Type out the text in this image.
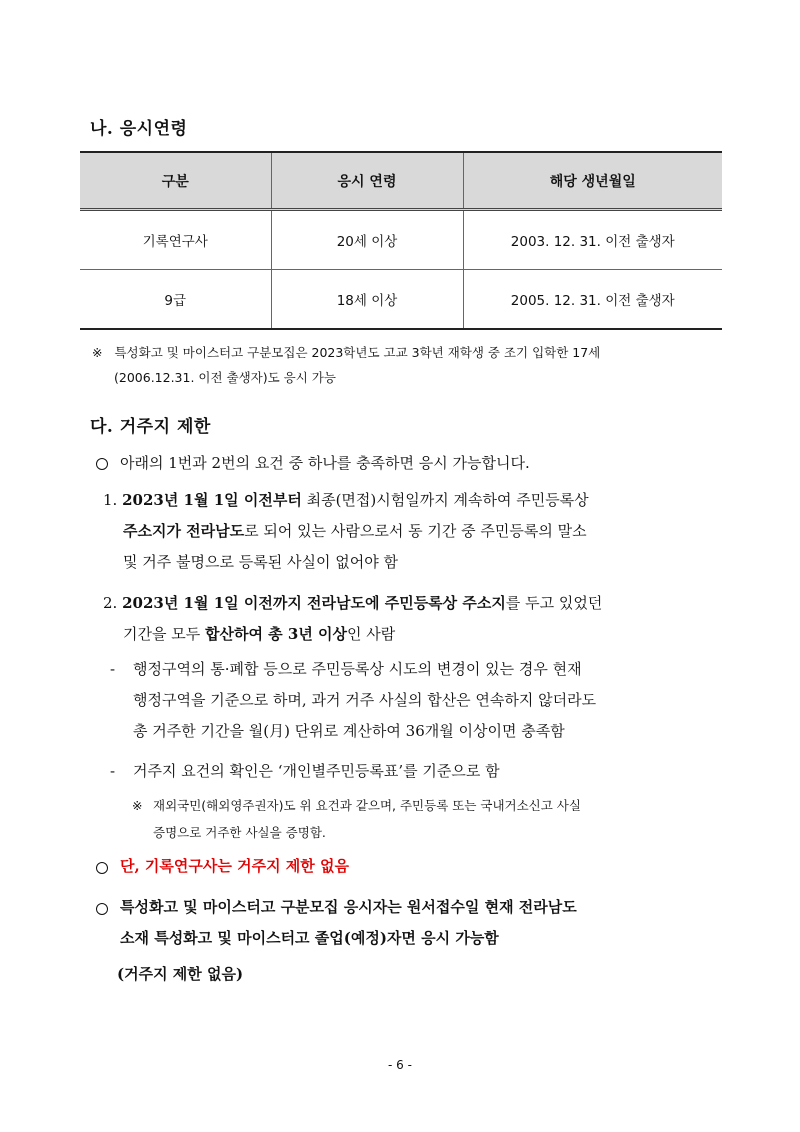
나. 응시연령
구분	응시 연령	해당 생년월일
기록연구사	20세 이상	2003. 12. 31. 이전 출생자
9급	18세 이상	2005. 12. 31. 이전 출생자
※ 특성화고 및 마이스터고 구분모집은 2023학년도 고교 3학년 재학생 중 조기 입학한 17세
(2006.12.31. 이전 출생자)도 응시 가능
다. 거주지 제한
아래의 1번과 2번의 요건 중 하나를 충족하면 응시 가능합니다.
1. 2023년 1월 1일 이전부터 최종(면접)시험일까지 계속하여 주민등록상
주소지가 전라남도로 되어 있는 사람으로서 동 기간 중 주민등록의 말소
및 거주 불명으로 등록된 사실이 없어야 함
2. 2023년 1월 1일 이전까지 전라남도에 주민등록상 주소지를 두고 있었던
기간을 모두 합산하여 총 3년 이상인 사람
- 행정구역의 통·폐합 등으로 주민등록상 시도의 변경이 있는 경우 현재
행정구역을 기준으로 하며, 과거 거주 사실의 합산은 연속하지 않더라도
총 거주한 기간을 월(月) 단위로 계산하여 36개월 이상이면 충족함
- 거주지 요건의 확인은 ‘개인별주민등록표’를 기준으로 함
※ 재외국민(해외영주권자)도 위 요건과 같으며, 주민등록 또는 국내거소신고 사실
증명으로 거주한 사실을 증명함.
단, 기록연구사는 거주지 제한 없음
특성화고 및 마이스터고 구분모집 응시자는 원서접수일 현재 전라남도
소재 특성화고 및 마이스터고 졸업(예정)자면 응시 가능함
(거주지 제한 없음)
- 6 -
